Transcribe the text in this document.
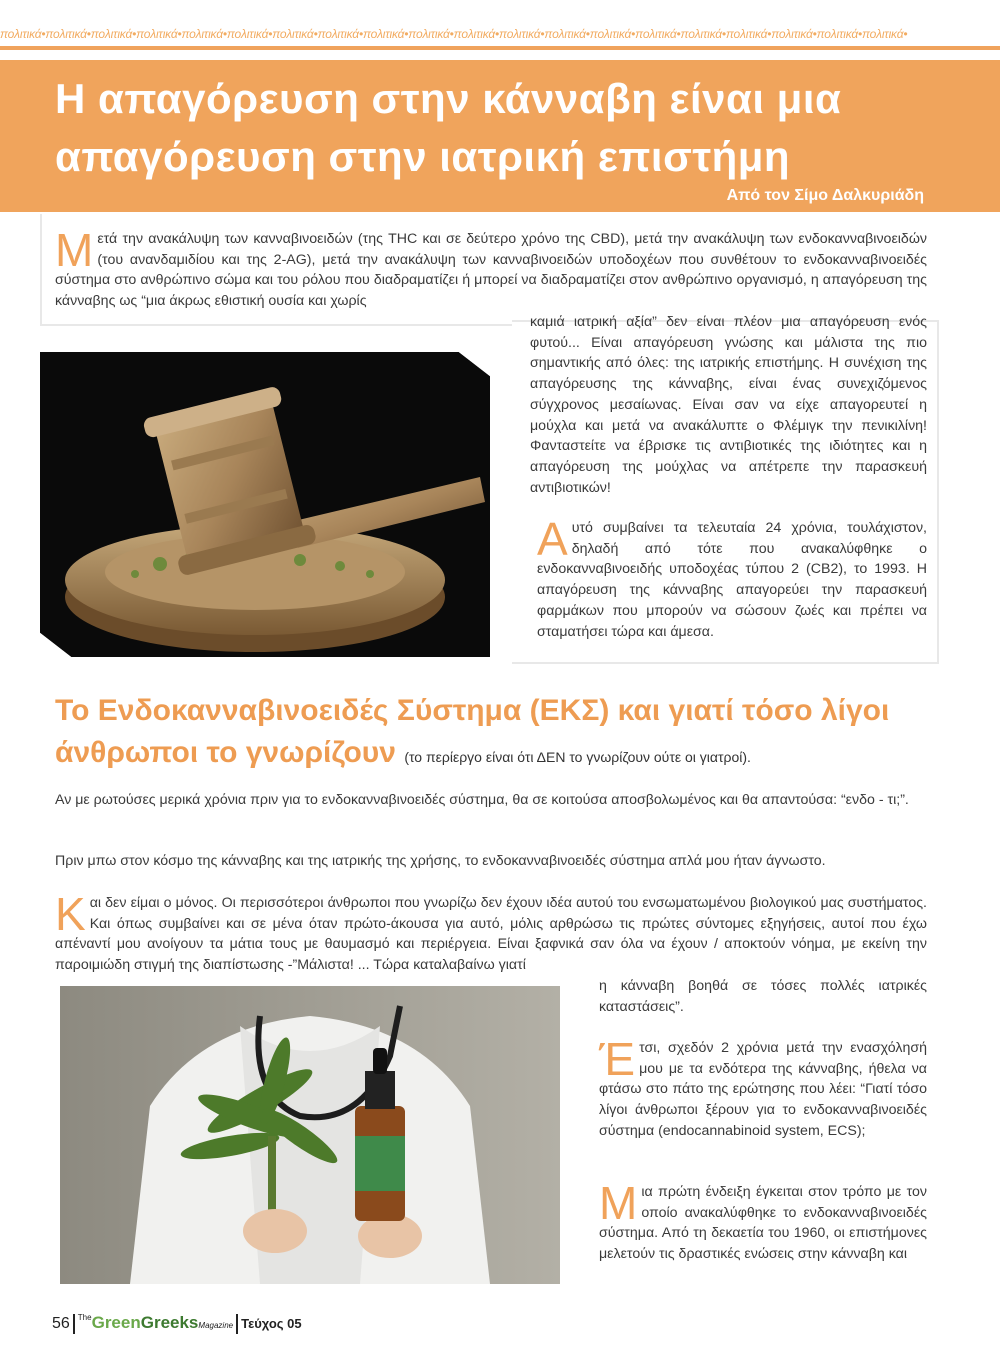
πολιτικά•πολιτικά•πολιτικά•πολιτικά•πολιτικά•πολιτικά•πολιτικά•πολιτικά•πολιτικά•πολιτικά•πολιτικά•πολιτικά•πολιτικά•πολιτικά•πολιτικά•πολιτικά•πολιτικά•πολιτικά•πολιτικά•πολιτικά•
Η απαγόρευση στην κάνναβη είναι μια απαγόρευση στην ιατρική επιστήμη
Από τον Σίμο Δαλκυριάδη

Μετά την ανακάλυψη των κανναβινοειδών (της THC και σε δεύτερο χρόνο της CBD), μετά την ανακάλυψη των ενδοκανναβινοειδών (του ανανδαμιδίου και της 2-AG), μετά την ανακάλυψη των κανναβινοειδών υποδοχέων που συνθέτουν το ενδοκανναβινοειδές σύστημα στο ανθρώπινο σώμα και του ρόλου που διαδραματίζει ή μπορεί να διαδραματίζει στον ανθρώπινο οργανισμό, η απαγόρευση της κάνναβης ως “μια άκρως εθιστική ουσία και χωρίς

καμιά ιατρική αξία” δεν είναι πλέον μια απαγόρευση ενός φυτού... Είναι απαγόρευση γνώσης και μάλιστα της πιο σημαντικής από όλες: της ιατρικής επιστήμης. Η συνέχιση της απαγόρευσης της κάνναβης, είναι ένας συνεχιζόμενος σύγχρονος μεσαίωνας. Είναι σαν να είχε απαγορευτεί η μούχλα και μετά να ανακάλυπτε ο Φλέμιγκ την πενικιλίνη! Φανταστείτε να έβρισκε τις αντιβιοτικές της ιδιότητες και η απαγόρευση της μούχλας να απέτρεπε την παρασκευή αντιβιοτικών!

Αυτό συμβαίνει τα τελευταία 24 χρόνια, τουλάχιστον, δηλαδή από τότε που ανακαλύφθηκε ο ενδοκανναβινοειδής υποδοχέας τύπου 2 (CB2), το 1993. Η απαγόρευση της κάνναβης απαγορεύει την παρασκευή φαρμάκων που μπορούν να σώσουν ζωές και πρέπει να σταματήσει τώρα και άμεσα.

Το Ενδοκανναβινοειδές Σύστημα (ΕΚΣ) και γιατί τόσο λίγοι άνθρωποι το γνωρίζουν (το περίεργο είναι ότι ΔΕΝ το γνωρίζουν ούτε οι γιατροί).

Αν με ρωτούσες μερικά χρόνια πριν για το ενδοκανναβινοειδές σύστημα, θα σε κοιτούσα αποσβολωμένος και θα απαντούσα: “ενδο - τι;”.

Πριν μπω στον κόσμο της κάνναβης και της ιατρικής της χρήσης, το ενδοκανναβινοειδές σύστημα απλά μου ήταν άγνωστο.

Και δεν είμαι ο μόνος. Οι περισσότεροι άνθρωποι που γνωρίζω δεν έχουν ιδέα αυτού του ενσωματωμένου βιολογικού μας συστήματος. Και όπως συμβαίνει και σε μένα όταν πρώτο-άκουσα για αυτό, μόλις αρθρώσω τις πρώτες σύντομες εξηγήσεις, αυτοί που έχω απέναντί μου ανοίγουν τα μάτια τους με θαυμασμό και περιέργεια. Είναι ξαφνικά σαν όλα να έχουν / αποκτούν νόημα, με εκείνη την παροιμιώδη στιγμή της διαπίστωσης -”Μάλιστα! ... Τώρα καταλαβαίνω γιατί

η κάνναβη βοηθά σε τόσες πολλές ιατρικές καταστάσεις”.

Έτσι, σχεδόν 2 χρόνια μετά την ενασχόλησή μου με τα ενδότερα της κάνναβης, ήθελα να φτάσω στο πάτο της ερώτησης που λέει: “Γιατί τόσο λίγοι άνθρωποι ξέρουν για το ενδοκανναβινοειδές σύστημα (endocannabinoid system, ECS);

Μια πρώτη ένδειξη έγκειται στον τρόπο με τον οποίο ανακαλύφθηκε το ενδοκανναβινοειδές σύστημα. Από τη δεκαετία του 1960, οι επιστήμονες μελετούν τις δραστικές ενώσεις στην κάνναβη και

56 $^{The}$GreenGreeksMagazine Τεύχος 05
